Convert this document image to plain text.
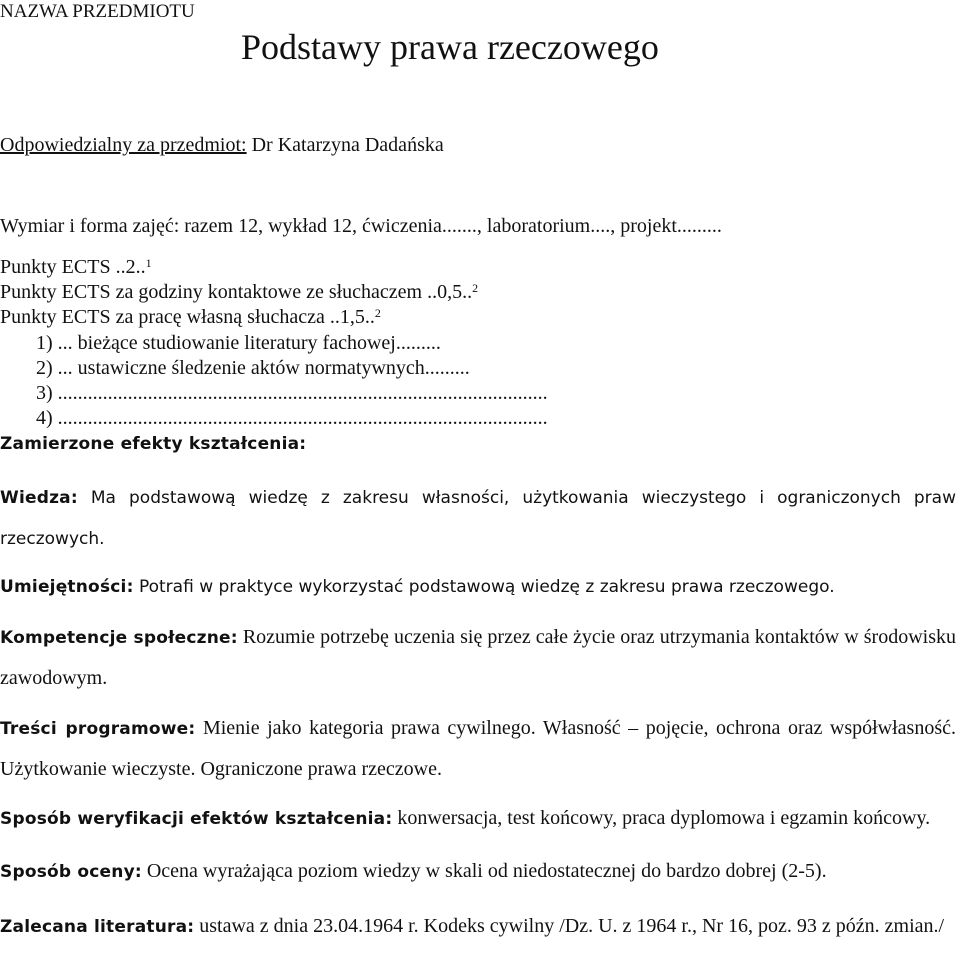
NAZWA PRZEDMIOTU
Podstawy prawa rzeczowego
Odpowiedzialny za przedmiot: Dr Katarzyna Dadańska
Wymiar i forma zajęć: razem 12, wykład 12, ćwiczenia......., laboratorium...., projekt.........
Punkty ECTS ..2..$^1$
Punkty ECTS za godziny kontaktowe ze słuchaczem ..0,5..$^2$
Punkty ECTS za pracę własną słuchacza ..1,5..$^2$
1) ... bieżące studiowanie literatury fachowej.........
2) ... ustawiczne śledzenie aktów normatywnych.........
3) ..................................................................................................
4) ..................................................................................................
Zamierzone efekty kształcenia:
Wiedza: Ma podstawową wiedzę z zakresu własności, użytkowania wieczystego i ograniczonych praw rzeczowych.
Umiejętności: Potrafi w praktyce wykorzystać podstawową wiedzę z zakresu prawa rzeczowego.
Kompetencje społeczne: Rozumie potrzebę uczenia się przez całe życie oraz utrzymania kontaktów w środowisku zawodowym.
Treści programowe: Mienie jako kategoria prawa cywilnego. Własność – pojęcie, ochrona oraz współwłasność. Użytkowanie wieczyste. Ograniczone prawa rzeczowe.
Sposób weryfikacji efektów kształcenia: konwersacja, test końcowy, praca dyplomowa i egzamin końcowy.
Sposób oceny: Ocena wyrażająca poziom wiedzy w skali od niedostatecznej do bardzo dobrej (2-5).
Zalecana literatura: ustawa z dnia 23.04.1964 r. Kodeks cywilny /Dz. U. z 1964 r., Nr 16, poz. 93 z późn. zmian./
